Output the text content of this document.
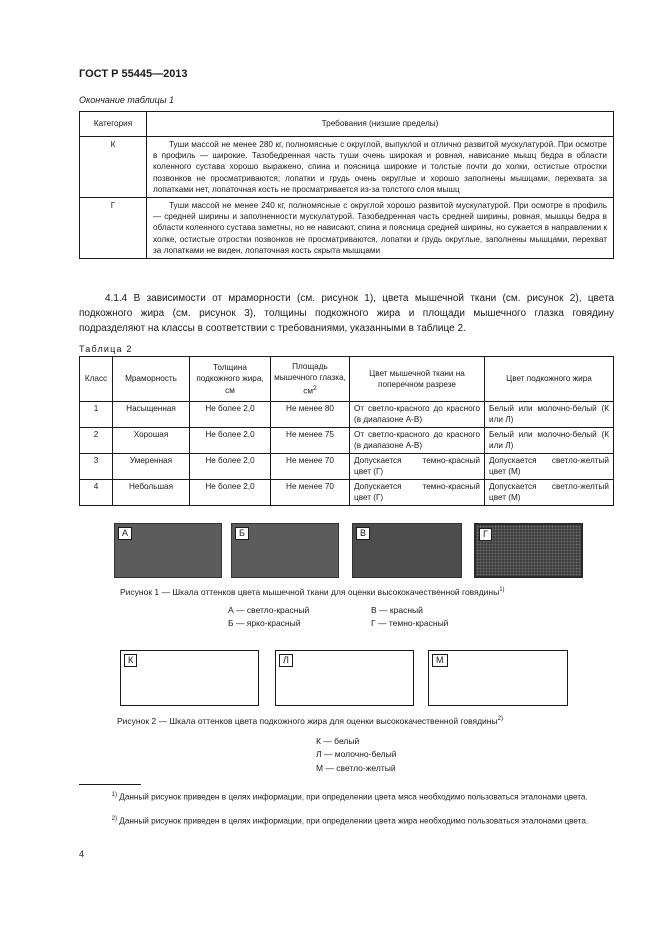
ГОСТ Р 55445—2013
Окончание таблицы 1
Категория	Требования (низшие пределы)
К	Туши массой не менее 280 кг, полномясные с округлой, выпуклой и отлично развитой мускулатурой. При осмотре в профиль — широкие. Тазобедренная часть туши очень широкая и ровная, нависание мышц бедра в области коленного сустава хорошо выражено, спина и поясница широкие и толстые почти до холки, остистые отростки позвонков не просматриваются; лопатки и грудь очень округлые и хорошо заполнены мышцами, перехвата за лопатками нет, лопаточная кость не просматривается из-за толстого слоя мышц

Г	Туши массой не менее 240 кг, полномясные с округлой хорошо развитой мускулатурой. При осмотре в профиль — средней ширины и заполненности мускулатурой. Тазобедренная часть средней ширины, ровная, мышцы бедра в области коленного сустава заметны, но не нависают, спина и поясница средней ширины, но сужается в направлении к холке, остистые отростки позвонков не просматриваются, лопатки и грудь округлые, заполнены мышцами, перехват за лопатками не виден, лопаточная кость скрыта мышцами
4.1.4 В зависимости от мраморности (см. рисунок 1), цвета мышечной ткани (см. рисунок 2), цвета подкожного жира (см. рисунок 3), толщины подкожного жира и площади мышечного глазка говядину подразделяют на классы в соответствии с требованиями, указанными в таблице 2.
Таблица 2
Класс	Мраморность	Толщина подкожного жира, см	Площадь мышечного глазка, $см^2$	Цвет мышечной ткани на поперечном разрезе	Цвет подкожного жира
1	Насыщенная	Не более 2,0	Не менее 80	От светло-красного до красного (в диапазоне А-В)	Белый или молочно-белый (К или Л)
2	Хорошая	Не более 2,0	Не менее 75	От светло-красного до красного (в диапазоне А-В)	Белый или молочно-белый (К или Л)
3	Умеренная	Не более 2,0	Не менее 70	Допускается темно-красный цвет (Г)	Допускается светло-желтый цвет (М)
4	Небольшая	Не более 2,0	Не менее 70	Допускается темно-красный цвет (Г)	Допускается светло-желтый цвет (М)
А	Б	В	Г
Рисунок 1 — Шкала оттенков цвета мышечной ткани для оценки высококачественной говядины$^{1)}$
А — светло-красный
Б — ярко-красный
В — красный
Г — темно-красный
К	Л	М
Рисунок 2 — Шкала оттенков цвета подкожного жира для оценки высококачественной говядины$^{2)}$
К — белый
Л — молочно-белый
М — светло-желтый
$^{1)}$ Данный рисунок приведен в целях информации, при определении цвета мяса необходимо пользоваться эталонами цвета.
$^{2)}$ Данный рисунок приведен в целях информации, при определении цвета жира необходимо пользоваться эталонами цвета.
4
